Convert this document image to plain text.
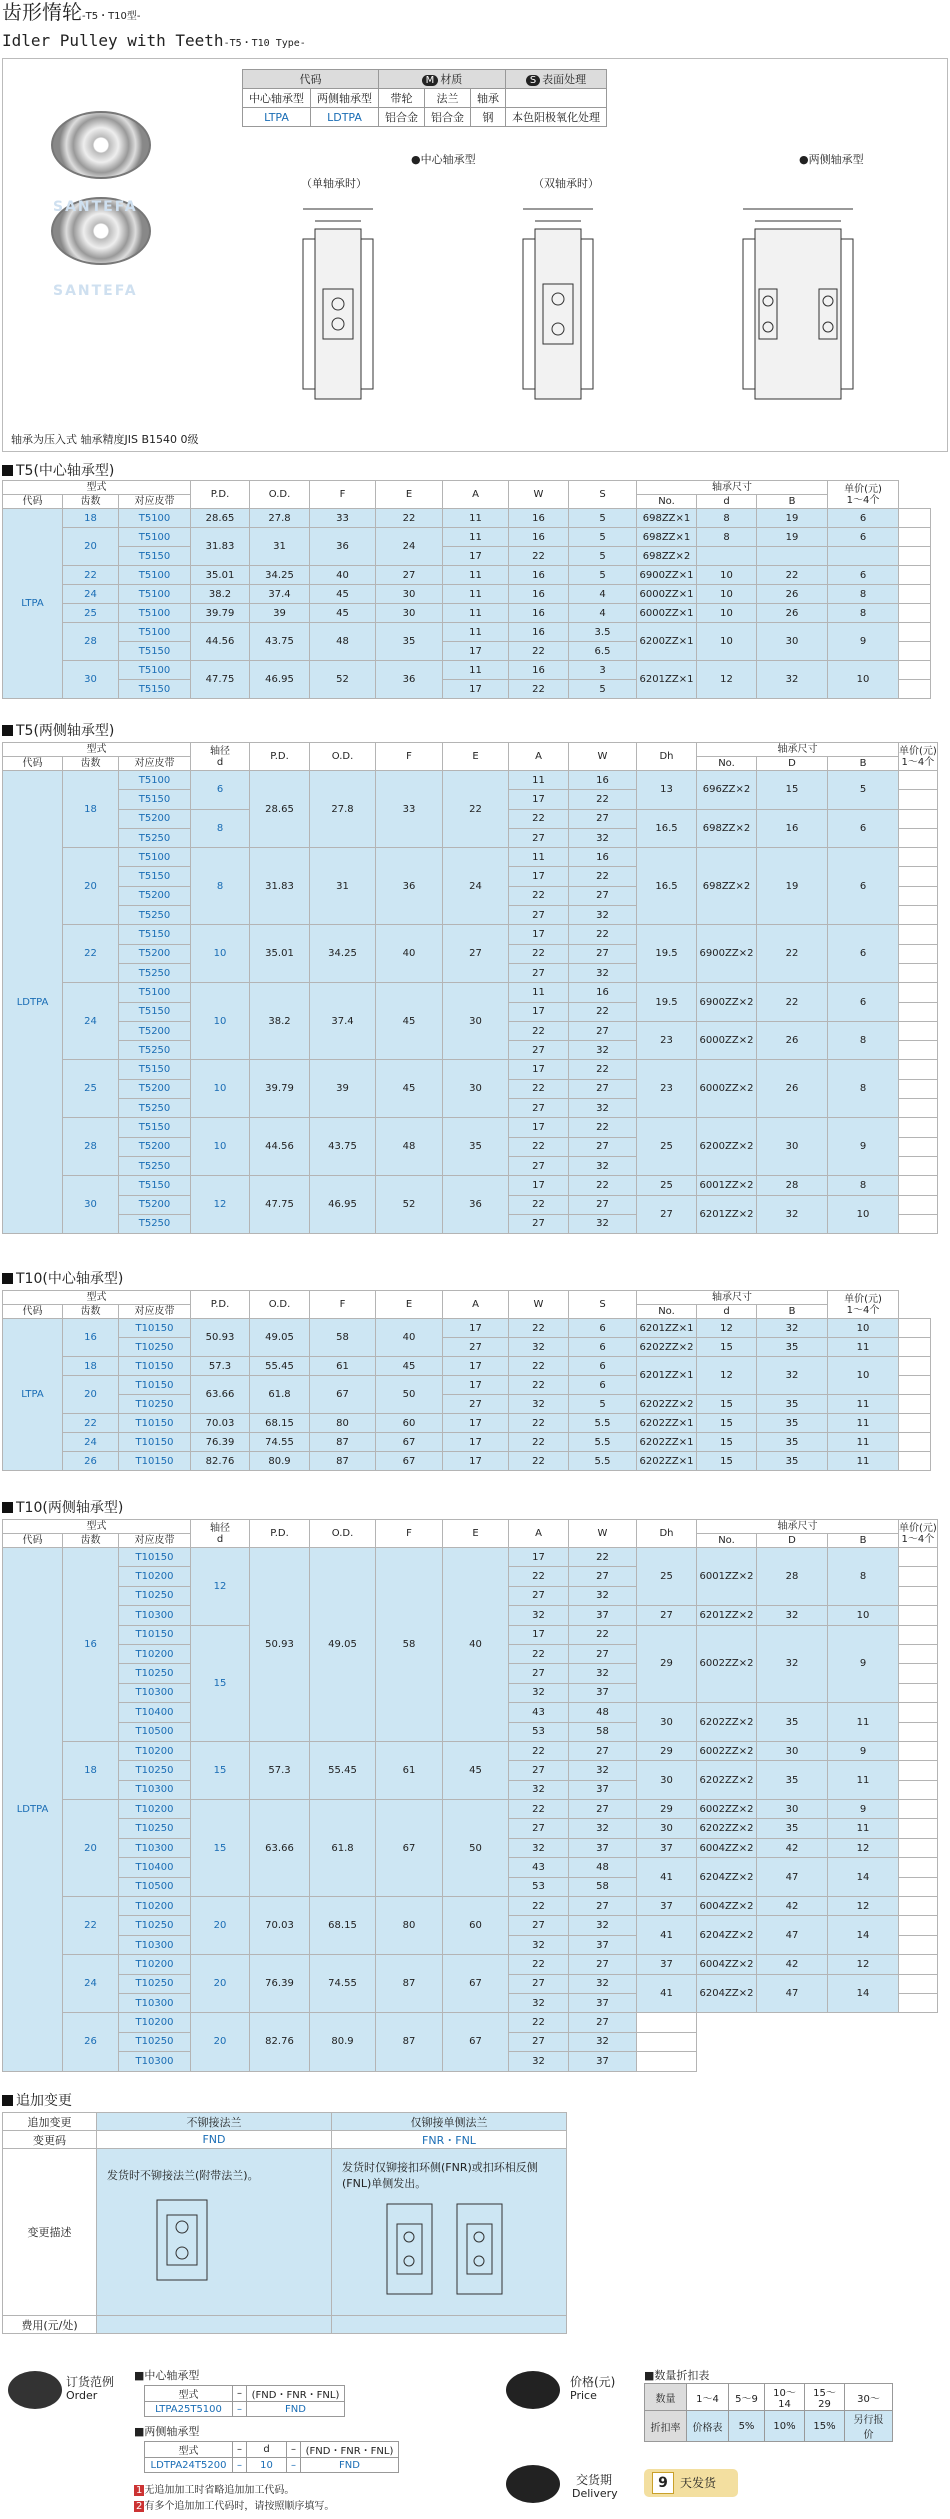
齿形惰轮-T5・T10型-
Idler Pulley with Teeth-T5・T10 Type-
SANTEFA
SANTEFA
代码		M 材质			S 表面处理
中心轴承型	两侧轴承型	带轮	法兰	轴承	
LTPA	LDTPA	铝合金	铝合金	钢	本色阳极氧化处理
●中心轴承型	●两侧轴承型
（单轴承时）	（双轴承时）
轴承为压入式 轴承精度JIS B1540 0级
T5(中心轴承型)
型式			P.D.	O.D.	F	E	A	W	S	轴承尺寸			单价(元)
1～4个	
代码	齿数	对应皮带								No.	d	B		
LTPA	18	T5100	28.65	27.8	33	22	11	16	5	698ZZ×1	8	19	6	
	20	T5100	31.83	31	36	24	11	16	5	698ZZ×1	8	19	6	
		T5150					17	22	5	698ZZ×2				
	22	T5100	35.01	34.25	40	27	11	16	5	6900ZZ×1	10	22	6	
	24	T5100	38.2	37.4	45	30	11	16	4	6000ZZ×1	10	26	8	
	25	T5100	39.79	39	45	30	11	16	4	6000ZZ×1	10	26	8	
	28	T5100	44.56	43.75	48	35	11	16	3.5	6200ZZ×1	10	30	9	
		T5150					17	22	6.5					
	30	T5100	47.75	46.95	52	36	11	16	3	6201ZZ×1	12	32	10	
		T5150					17	22	5					
T5(两侧轴承型)
型式			轴径
d	P.D.	O.D.	F	E	A	W	Dh	轴承尺寸			单价(元)
1～4个
代码	齿数	对应皮带									No.	D	B	
LDTPA	18	T5100	6	28.65	27.8	33	22	11	16	13	696ZZ×2	15	5	
		T5150						17	22					
		T5200	8					22	27	16.5	698ZZ×2	16	6	
		T5250						27	32					
	20	T5100	8	31.83	31	36	24	11	16	16.5	698ZZ×2	19	6	
		T5150						17	22					
		T5200						22	27					
		T5250						27	32					
	22	T5150	10	35.01	34.25	40	27	17	22	19.5	6900ZZ×2	22	6	
		T5200						22	27					
		T5250						27	32					
	24	T5100	10	38.2	37.4	45	30	11	16	19.5	6900ZZ×2	22	6	
		T5150						17	22					
		T5200						22	27	23	6000ZZ×2	26	8	
		T5250						27	32					
	25	T5150	10	39.79	39	45	30	17	22	23	6000ZZ×2	26	8	
		T5200						22	27					
		T5250						27	32					
	28	T5150	10	44.56	43.75	48	35	17	22	25	6200ZZ×2	30	9	
		T5200						22	27					
		T5250						27	32					
	30	T5150	12	47.75	46.95	52	36	17	22	25	6001ZZ×2	28	8	
		T5200						22	27	27	6201ZZ×2	32	10	
		T5250						27	32					
T10(中心轴承型)
型式			P.D.	O.D.	F	E	A	W	S	轴承尺寸			单价(元)
1～4个	
代码	齿数	对应皮带								No.	d	B		
LTPA	16	T10150	50.93	49.05	58	40	17	22	6	6201ZZ×1	12	32	10	
		T10250					27	32	6	6202ZZ×2	15	35	11	
	18	T10150	57.3	55.45	61	45	17	22	6	6201ZZ×1	12	32	10	
	20	T10150	63.66	61.8	67	50	17	22	6					
		T10250					27	32	5	6202ZZ×2	15	35	11	
	22	T10150	70.03	68.15	80	60	17	22	5.5	6202ZZ×1	15	35	11	
	24	T10150	76.39	74.55	87	67	17	22	5.5	6202ZZ×1	15	35	11	
	26	T10150	82.76	80.9	87	67	17	22	5.5	6202ZZ×1	15	35	11	
T10(两侧轴承型)
型式			轴径
d	P.D.	O.D.	F	E	A	W	Dh	轴承尺寸			单价(元)
1～4个
代码	齿数	对应皮带									No.	D	B	
LDTPA	16	T10150	12	50.93	49.05	58	40	17	22	25	6001ZZ×2	28	8	
		T10200						22	27					
		T10250						27	32					
		T10300						32	37	27	6201ZZ×2	32	10	
		T10150	15					17	22	29	6002ZZ×2	32	9	
		T10200						22	27					
		T10250						27	32					
		T10300						32	37					
		T10400						43	48	30	6202ZZ×2	35	11	
		T10500						53	58					
	18	T10200	15	57.3	55.45	61	45	22	27	29	6002ZZ×2	30	9	
		T10250						27	32	30	6202ZZ×2	35	11	
		T10300						32	37					
	20	T10200	15	63.66	61.8	67	50	22	27	29	6002ZZ×2	30	9	
		T10250						27	32	30	6202ZZ×2	35	11	
		T10300						32	37	37	6004ZZ×2	42	12	
		T10400						43	48	41	6204ZZ×2	47	14	
		T10500						53	58					
	22	T10200	20	70.03	68.15	80	60	22	27	37	6004ZZ×2	42	12	
		T10250						27	32	41	6204ZZ×2	47	14	
		T10300						32	37					
	24	T10200	20	76.39	74.55	87	67	22	27	37	6004ZZ×2	42	12	
		T10250						27	32	41	6204ZZ×2	47	14	
		T10300						32	37					
	26	T10200	20	82.76	80.9	87	67	22	27					
		T10250						27	32					
		T10300						32	37					
追加变更
追加变更	不铆接法兰	仅铆接单侧法兰
变更码	FND	FNR・FNL
变更描述	发货时不铆接法兰(附带法兰)。	发货时仅铆接扣环侧(FNR)或扣环相反侧(FNL)单侧发出。

费用(元/处)		
订货范例
Order
■中心轴承型
型式	–	(FND・FNR・FNL)
LTPA25T5100	–	FND
■两侧轴承型
型式	–	d	–	(FND・FNR・FNL)
LDTPA24T5200	–	10	–	FND
1 无追加加工时省略追加加工代码。
2 有多个追加加工代码时，请按照顺序填写。
价格(元)
Price
■数量折扣表
数量	1～4	5～9	10～14	15～29	30～
折扣率	价格表	5%	10%	15%	另行报价
交货期
Delivery
9 天发货
